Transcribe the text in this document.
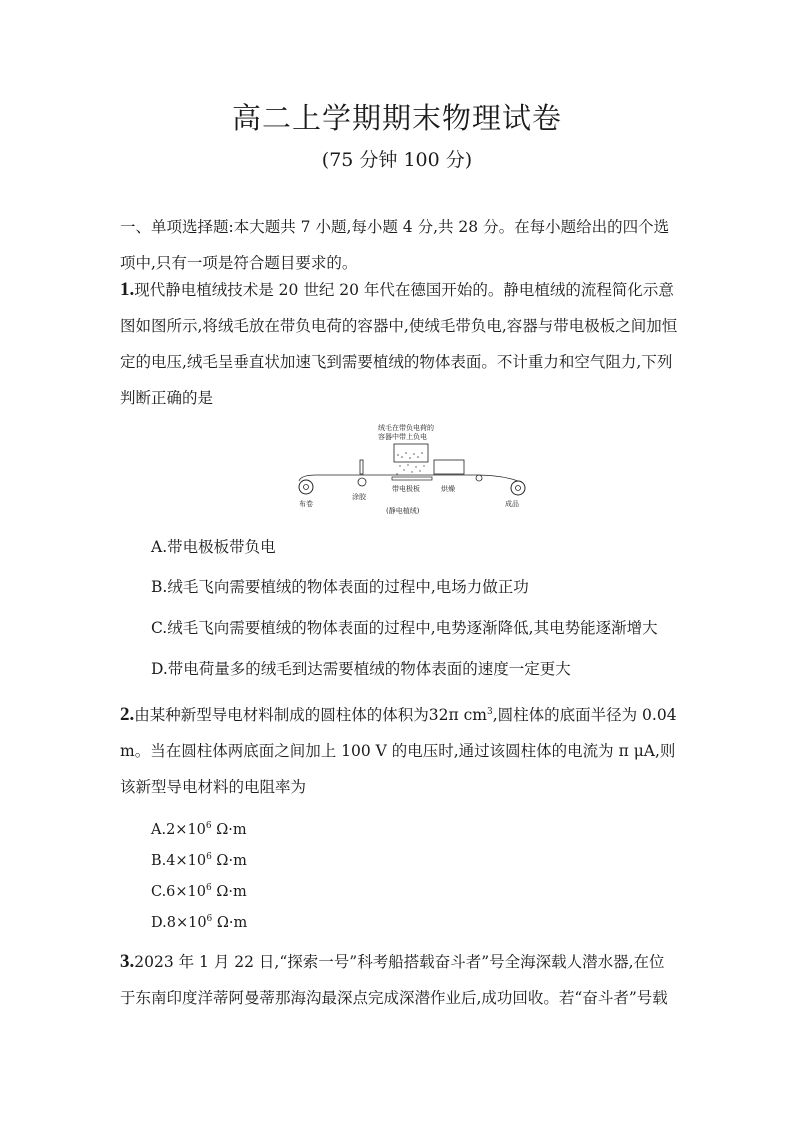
高二上学期期末物理试卷
(75 分钟 100 分)

一、单项选择题:本大题共 7 小题,每小题 4 分,共 28 分。在每小题给出的四个选项中,只有一项是符合题目要求的。

1.现代静电植绒技术是 20 世纪 20 年代在德国开始的。静电植绒的流程简化示意图如图所示,将绒毛放在带负电荷的容器中,使绒毛带负电,容器与带电极板之间加恒定的电压,绒毛呈垂直状加速飞到需要植绒的物体表面。不计重力和空气阻力,下列判断正确的是

绒毛在带负电荷的
容器中带上负电
布卷
涂胶
带电极板	烘燥
成品
(静电植绒)

A.带电极板带负电

B.绒毛飞向需要植绒的物体表面的过程中,电场力做正功

C.绒毛飞向需要植绒的物体表面的过程中,电势逐渐降低,其电势能逐渐增大

D.带电荷量多的绒毛到达需要植绒的物体表面的速度一定更大

2.由某种新型导电材料制成的圆柱体的体积为32π $cm^3$,圆柱体的底面半径为 0.04 m。当在圆柱体两底面之间加上 100 V 的电压时,通过该圆柱体的电流为 π μA,则该新型导电材料的电阻率为

$A.2\times 10^6$ Ω·m

$B.4\times 10^6$ Ω·m

$C.6\times 10^6$ Ω·m

$D.8\times 10^6$ Ω·m

3.2023 年 1 月 22 日,“探索一号”科考船搭载奋斗者”号全海深载人潜水器,在位于东南印度洋蒂阿曼蒂那海沟最深点完成深潜作业后,成功回收。若“奋斗者”号载
